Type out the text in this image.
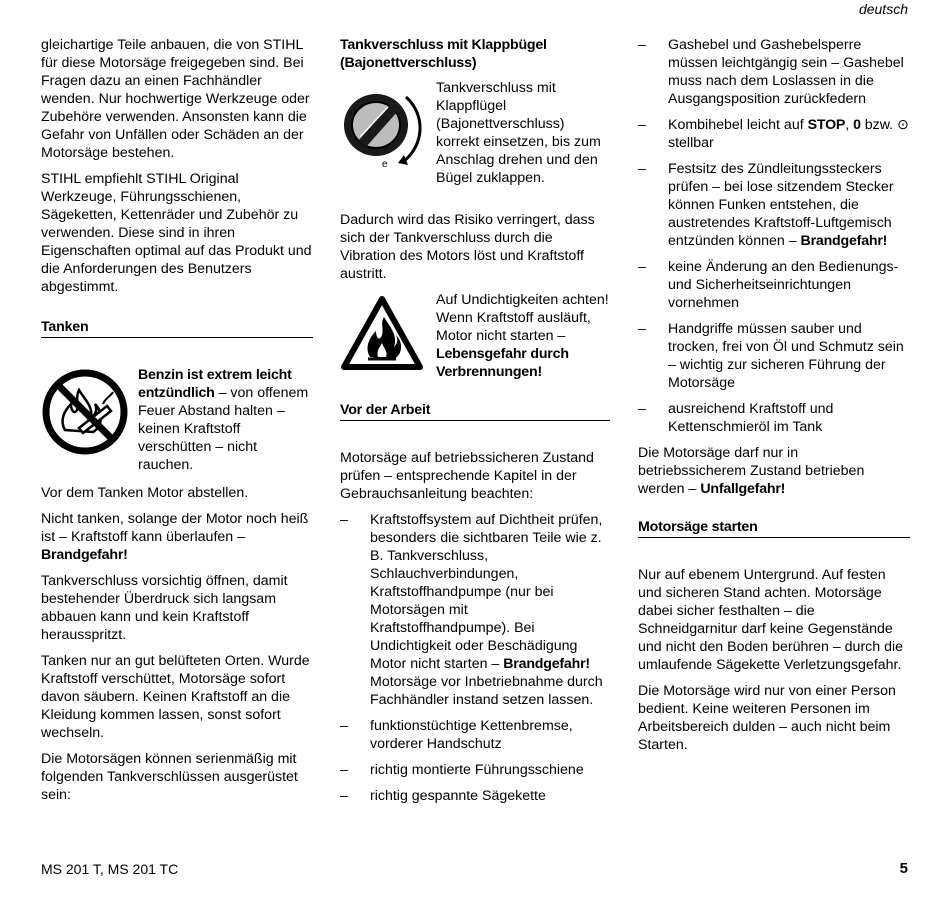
deutsch

gleichartige Teile anbauen, die von STIHL für diese Motorsäge freigegeben sind. Bei Fragen dazu an einen Fachhändler wenden. Nur hochwertige Werkzeuge oder Zubehöre verwenden. Ansonsten kann die Gefahr von Unfällen oder Schäden an der Motorsäge bestehen.

STIHL empfiehlt STIHL Original Werkzeuge, Führungsschienen, Sägeketten, Kettenräder und Zubehör zu verwenden. Diese sind in ihren Eigenschaften optimal auf das Produkt und die Anforderungen des Benutzers abgestimmt.

Tanken
Benzin ist extrem leicht entzündlich – von offenem Feuer Abstand halten – keinen Kraftstoff verschütten – nicht rauchen.

Vor dem Tanken Motor abstellen.

Nicht tanken, solange der Motor noch heiß ist – Kraftstoff kann überlaufen – Brandgefahr!

Tankverschluss vorsichtig öffnen, damit bestehender Überdruck sich langsam abbauen kann und kein Kraftstoff herausspritzt.

Tanken nur an gut belüfteten Orten. Wurde Kraftstoff verschüttet, Motorsäge sofort davon säubern. Keinen Kraftstoff an die Kleidung kommen lassen, sonst sofort wechseln.

Die Motorsägen können serienmäßig mit folgenden Tankverschlüssen ausgerüstet sein:

Tankverschluss mit Klappbügel (Bajonettverschluss)
e
Tankverschluss mit Klappflügel (Bajonettverschluss) korrekt einsetzen, bis zum Anschlag drehen und den Bügel zuklappen.

Dadurch wird das Risiko verringert, dass sich der Tankverschluss durch die Vibration des Motors löst und Kraftstoff austritt.

Auf Undichtigkeiten achten! Wenn Kraftstoff ausläuft, Motor nicht starten – Lebensgefahr durch Verbrennungen!
Vor der Arbeit

Motorsäge auf betriebssicheren Zustand prüfen – entsprechende Kapitel in der Gebrauchsanleitung beachten:

– Kraftstoffsystem auf Dichtheit prüfen, besonders die sichtbaren Teile wie z. B. Tankverschluss, Schlauchverbindungen, Kraftstoffhandpumpe (nur bei Motorsägen mit Kraftstoffhandpumpe). Bei Undichtigkeit oder Beschädigung Motor nicht starten – Brandgefahr! Motorsäge vor Inbetriebnahme durch Fachhändler instand setzen lassen.
– funktionstüchtige Kettenbremse, vorderer Handschutz
– richtig montierte Führungsschiene
– richtig gespannte Sägekette
– Gashebel und Gashebelsperre müssen leichtgängig sein – Gashebel muss nach dem Loslassen in die Ausgangsposition zurückfedern
– Kombihebel leicht auf STOP, 0 bzw. ⊙ stellbar
– Festsitz des Zündleitungssteckers prüfen – bei lose sitzendem Stecker können Funken entstehen, die austretendes Kraftstoff-Luftgemisch entzünden können – Brandgefahr!
– keine Änderung an den Bedienungs- und Sicherheitseinrichtungen vornehmen
– Handgriffe müssen sauber und trocken, frei von Öl und Schmutz sein – wichtig zur sicheren Führung der Motorsäge
– ausreichend Kraftstoff und Kettenschmieröl im Tank

Die Motorsäge darf nur in betriebssicherem Zustand betrieben werden – Unfallgefahr!

Motorsäge starten

Nur auf ebenem Untergrund. Auf festen und sicheren Stand achten. Motorsäge dabei sicher festhalten – die Schneidgarnitur darf keine Gegenstände und nicht den Boden berühren – durch die umlaufende Sägekette Verletzungsgefahr.

Die Motorsäge wird nur von einer Person bedient. Keine weiteren Personen im Arbeitsbereich dulden – auch nicht beim Starten.

MS 201 T, MS 201 TC	5
